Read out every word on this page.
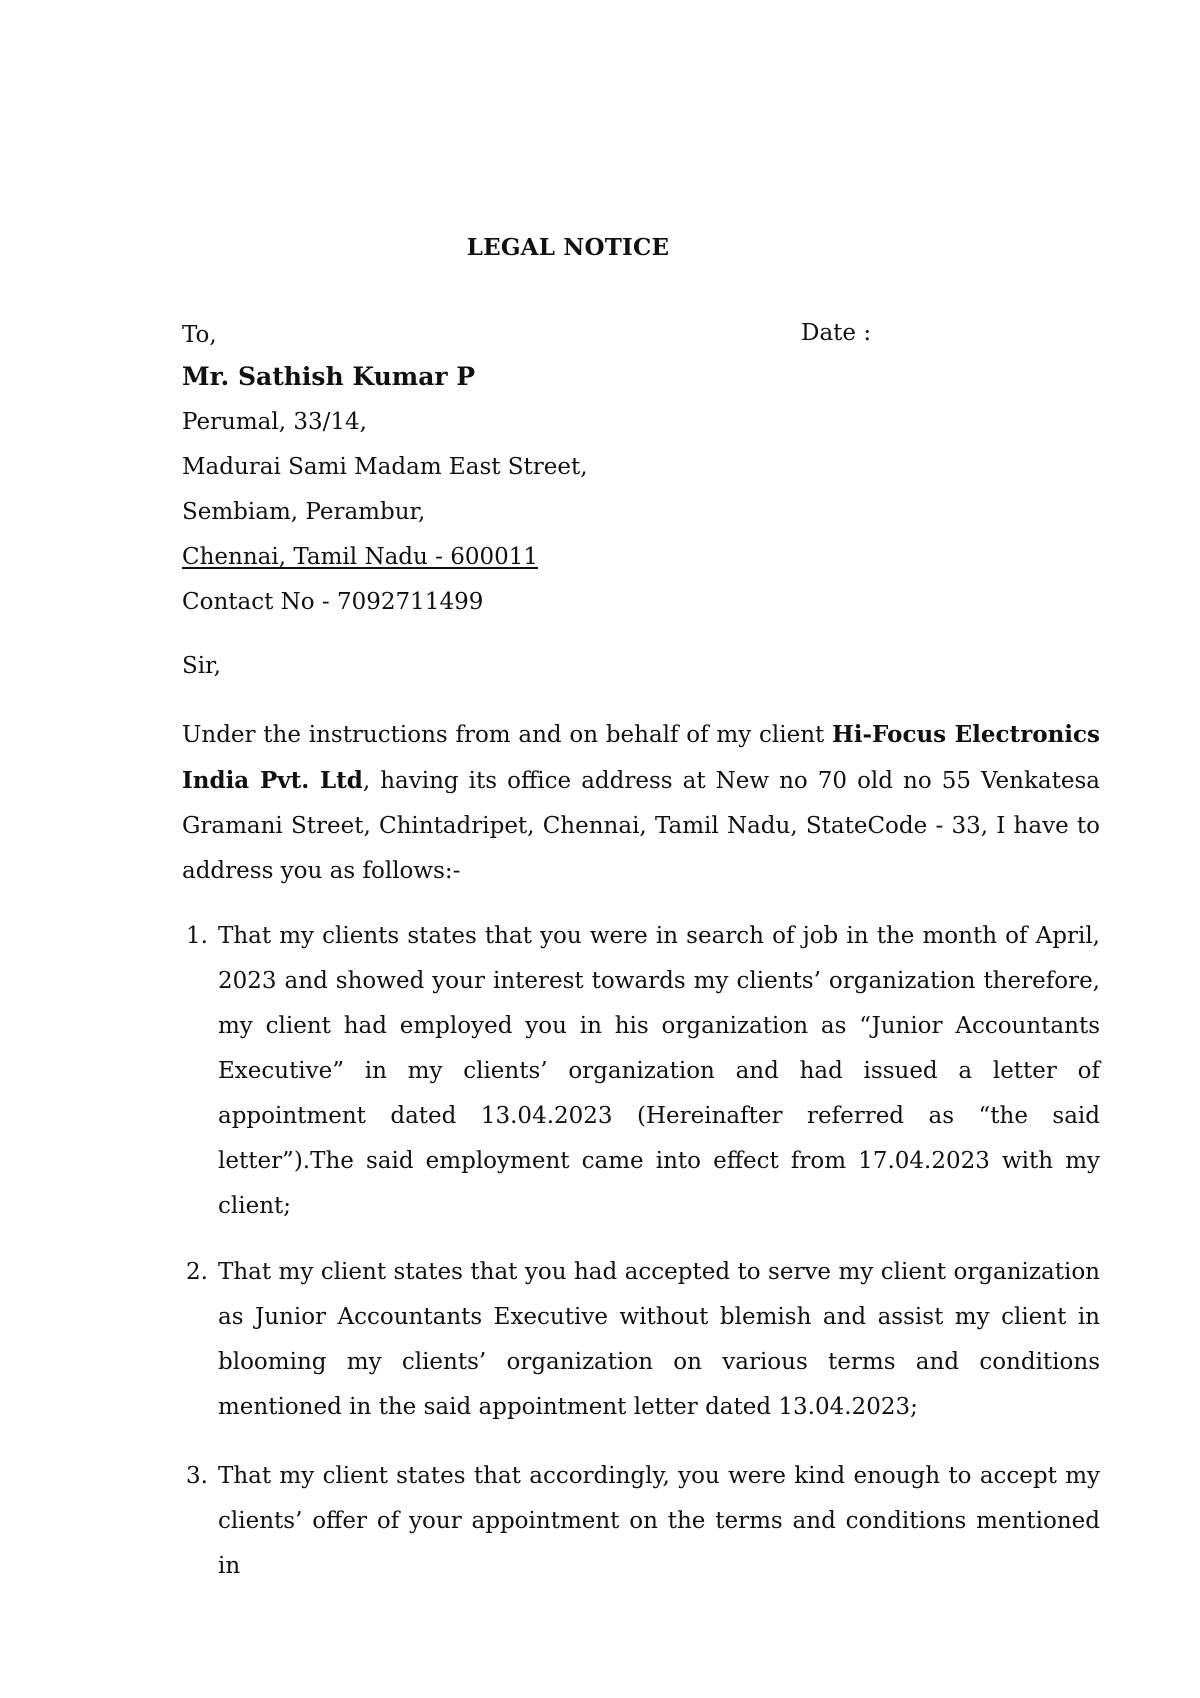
LEGAL NOTICE
To,	Date :
Mr. Sathish Kumar P
Perumal, 33/14,
Madurai Sami Madam East Street,
Sembiam, Perambur,
Chennai, Tamil Nadu - 600011
Contact No - 7092711499
Sir,
Under the instructions from and on behalf of my client Hi-Focus Electronics India Pvt. Ltd, having its office address at New no 70 old no 55 Venkatesa Gramani Street, Chintadripet, Chennai, Tamil Nadu, StateCode - 33, I have to address you as follows:-
1. That my clients states that you were in search of job in the month of April, 2023 and showed your interest towards my clients’ organization therefore, my client had employed you in his organization as “Junior Accountants Executive” in my clients’ organization and had issued a letter of appointment dated 13.04.2023 (Hereinafter referred as “the said letter”).The said employment came into effect from 17.04.2023 with my client;
2. That my client states that you had accepted to serve my client organization as Junior Accountants Executive without blemish and assist my client in blooming my clients’ organization on various terms and conditions mentioned in the said appointment letter dated 13.04.2023;
3. That my client states that accordingly, you were kind enough to accept my clients’ offer of your appointment on the terms and conditions mentioned in
